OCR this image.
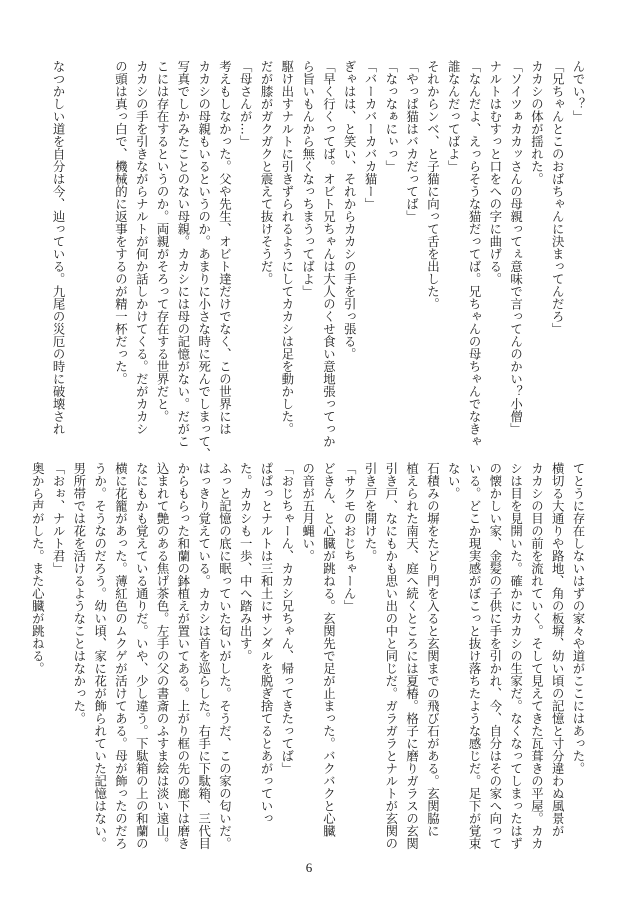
んでい？」
「兄ちゃんとこのおばちゃんに決まってんだろ」
カカシの体が揺れた。
「ソイツぁカカッさんの母親ってぇ意味で言ってんのかい？小僧」
ナルトはむすっと口をへの字に曲げる。
「なんだよ、えっらそうな猫だってば。兄ちゃんの母ちゃんでなきゃ
誰なんだってばよ」
それからンベ、と子猫に向って舌を出した。
「やっぱ猫はバカだってば」
「なっなぁにぃっ」
「バーカバーカバカ猫ー」
ぎゃはは、と笑い、それからカカシの手を引っ張る。
「早く行くってば。オビト兄ちゃんは大人のくせ食い意地張ってっか
ら旨いもんから無くなっちまうってばよ」
駆け出すナルトに引きずられるようにしてカカシは足を動かした。
だが膝がガクガクと震えて抜けそうだ。
「母さんが…」
考えもしなかった。父や先生、オビト達だけでなく、この世界には
カカシの母親もいるというのか。あまりに小さな時に死んでしまって、
写真でしかみたことのない母親。カカシには母の記憶がない。だがこ
こには存在するというのか。両親がそろって存在する世界だと。
カカシの手を引きながらナルトが何か話しかけてくる。だがカカシ
の頭は真っ白で、機械的に返事をするのが精一杯だった。

なつかしい道を自分は今、辿っている。九尾の災厄の時に破壊され
てとうに存在しないはずの家々や道がここにはあった。
横切る大通りや路地、角の板塀、幼い頃の記憶と寸分違わぬ風景が
カカシの目の前を流れていく。そして見えてきた瓦葺きの平屋。カカ
シは目を見開いた。確かにカカシの生家だ。なくなってしまったはず
の懐かしい家、金髪の子供に手を引かれ、今、自分はその家へ向って
いる。どこか現実感がぼこっと抜け落ちたような感じだ。足下が覚束
ない。
石積みの塀をたどり門を入ると玄関までの飛び石がある。玄関脇に
植えられた南天、庭へ続くところには夏椿。格子に磨りガラスの玄関
引き戸、なにもかも思い出の中と同じだ。ガラガラとナルトが玄関の
引き戸を開けた。
「サクモのおじちゃーん」
どきん、と心臓が跳ねる。玄関先で足が止まった。バクバクと心臓
の音が五月蝿い。
「おじちゃーん、カカシ兄ちゃん、帰ってきたってば」
ぱぱっとナルトは三和土にサンダルを脱ぎ捨てるとあがっていっ
た。カカシも一歩、中へ踏み出す。
ふっと記憶の底に眠っていた匂いがした。そうだ、この家の匂いだ。
はっきり覚えている。カカシは首を巡らした。右手に下駄箱、三代目
からもらった和蘭の鉢植えが置いてある。上がり框の先の廊下は磨き
込まれて艶のある焦げ茶色。左手の父の書斎のふすま絵は淡い遠山。
なにもかも覚えている通りだ。いや、少し違う。下駄箱の上の和蘭の
横に花籠があった。薄紅色のムクゲが活けてある。母が飾ったのだろ
うか。そうなのだろう。幼い頃、家に花が飾られていた記憶はない。
男所帯では花を活けるようなことはなかった。
「おぉ、ナルト君」
奥から声がした。また心臓が跳ねる。
6
